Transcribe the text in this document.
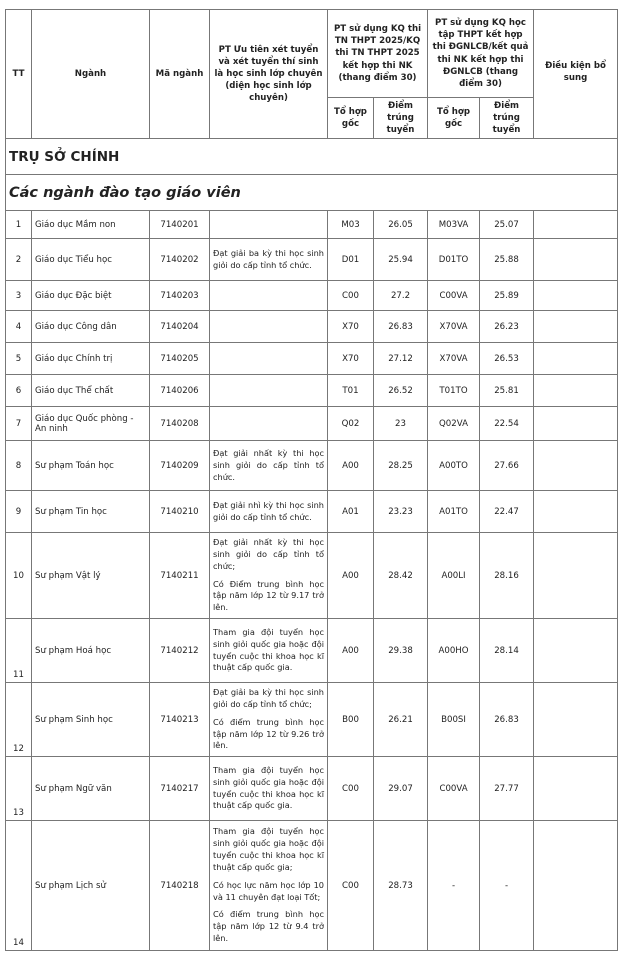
TT	Ngành	Mã ngành	PT Ưu tiên xét tuyển và xét tuyển thí sinh là học sinh lớp chuyên (diện học sinh lớp chuyên)	PT sử dụng KQ thi TN THPT 2025/KQ thi TN THPT 2025 kết hợp thi NK (thang điểm 30)		PT sử dụng KQ học tập THPT kết hợp thi ĐGNLCB/kết quả thi NK kết hợp thi ĐGNLCB (thang điểm 30)		Điều kiện bổ sung
				Tổ hợp gốc	Điểm trúng tuyển	Tổ hợp gốc	Điểm trúng tuyển	
TRỤ SỞ CHÍNH								
Các ngành đào tạo giáo viên								
1	Giáo dục Mầm non	7140201		M03	26.05	M03VA	25.07	
2	Giáo dục Tiểu học	7140202	Đạt giải ba kỳ thi học sinh giỏi do cấp tỉnh tổ chức.	D01	25.94	D01TO	25.88	
3	Giáo dục Đặc biệt	7140203		C00	27.2	C00VA	25.89	
4	Giáo dục Công dân	7140204		X70	26.83	X70VA	26.23	
5	Giáo dục Chính trị	7140205		X70	27.12	X70VA	26.53	
6	Giáo dục Thể chất	7140206		T01	26.52	T01TO	25.81	
7	Giáo dục Quốc phòng - An ninh	7140208		Q02	23	Q02VA	22.54	
8	Sư phạm Toán học	7140209	Đạt giải nhất kỳ thi học sinh giỏi do cấp tỉnh tổ chức.	A00	28.25	A00TO	27.66	
9	Sư phạm Tin học	7140210	Đạt giải nhì kỳ thi học sinh giỏi do cấp tỉnh tổ chức.	A01	23.23	A01TO	22.47	
10	Sư phạm Vật lý	7140211	Đạt giải nhất kỳ thi học sinh giỏi do cấp tỉnh tổ chức;

Có Điểm trung bình học tập năm lớp 12 từ 9.17 trở lên.	A00	28.42	A00LI	28.16	
11	Sư phạm Hoá học	7140212	Tham gia đội tuyển học sinh giỏi quốc gia hoặc đội tuyển cuộc thi khoa học kĩ thuật cấp quốc gia.	A00	29.38	A00HO	28.14	
12	Sư phạm Sinh học	7140213	Đạt giải ba kỳ thi học sinh giỏi do cấp tỉnh tổ chức;

Có điểm trung bình học tập năm lớp 12 từ 9.26 trở lên.	B00	26.21	B00SI	26.83	
13	Sư phạm Ngữ văn	7140217	Tham gia đội tuyển học sinh giỏi quốc gia hoặc đội tuyển cuộc thi khoa học kĩ thuật cấp quốc gia.	C00	29.07	C00VA	27.77	
14	Sư phạm Lịch sử	7140218	Tham gia đội tuyển học sinh giỏi quốc gia hoặc đội tuyển cuộc thi khoa học kĩ thuật cấp quốc gia;

Có học lực năm học lớp 10 và 11 chuyên đạt loại Tốt;

Có điểm trung bình học tập năm lớp 12 từ 9.4 trở lên.	C00	28.73	-	-	
